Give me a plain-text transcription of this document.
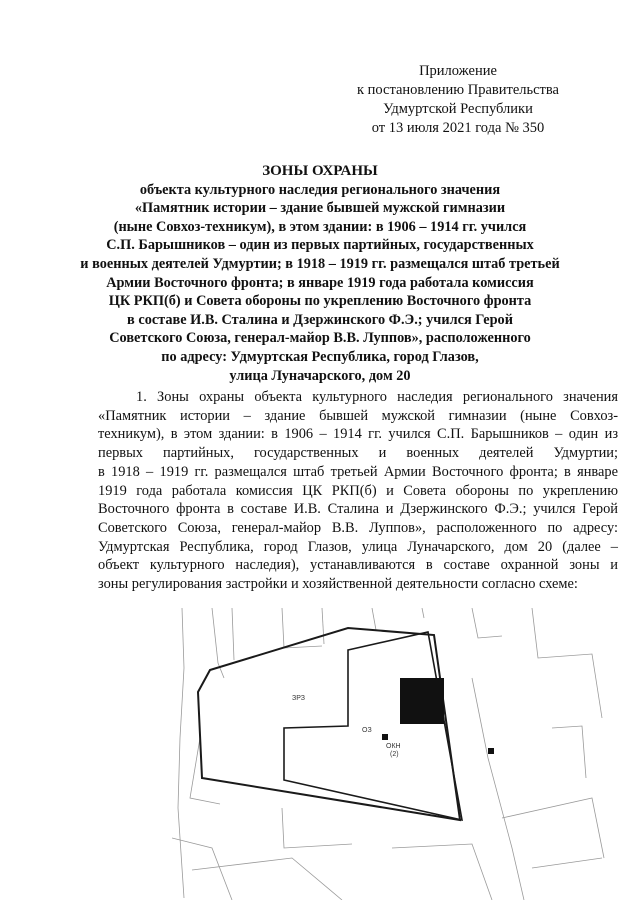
Приложение
к постановлению Правительства
Удмуртской Республики
от 13 июля 2021 года № 350
ЗОНЫ ОХРАНЫ
объекта культурного наследия регионального значения
«Памятник истории – здание бывшей мужской гимназии
(ныне Совхоз-техникум), в этом здании: в 1906 – 1914 гг. учился
С.П. Барышников – один из первых партийных, государственных
и военных деятелей Удмуртии; в 1918 – 1919 гг. размещался штаб третьей
Армии Восточного фронта; в январе 1919 года работала комиссия
ЦК РКП(б) и Совета обороны по укреплению Восточного фронта
в составе И.В. Сталина и Дзержинского Ф.Э.; учился Герой
Советского Союза, генерал-майор В.В. Луппов», расположенного
по адресу: Удмуртская Республика, город Глазов,
улица Луначарского, дом 20
1. Зоны охраны объекта культурного наследия регионального значения
«Памятник истории – здание бывшей мужской гимназии (ныне Совхоз-
техникум), в этом здании: в 1906 – 1914 гг. учился С.П. Барышников – один из
первых партийных, государственных и военных деятелей Удмуртии;
в 1918 – 1919 гг. размещался штаб третьей Армии Восточного фронта; в январе
1919 года работала комиссия ЦК РКП(б) и Совета обороны по укреплению
Восточного фронта в составе И.В. Сталина и Дзержинского Ф.Э.; учился Герой
Советского Союза, генерал-майор В.В. Луппов», расположенного по адресу:
Удмуртская Республика, город Глазов, улица Луначарского, дом 20 (далее –
объект культурного наследия), устанавливаются в составе охранной зоны и
зоны регулирования застройки и хозяйственной деятельности согласно схеме:
ЗРЗ
ОЗ
ОКН
(2)
